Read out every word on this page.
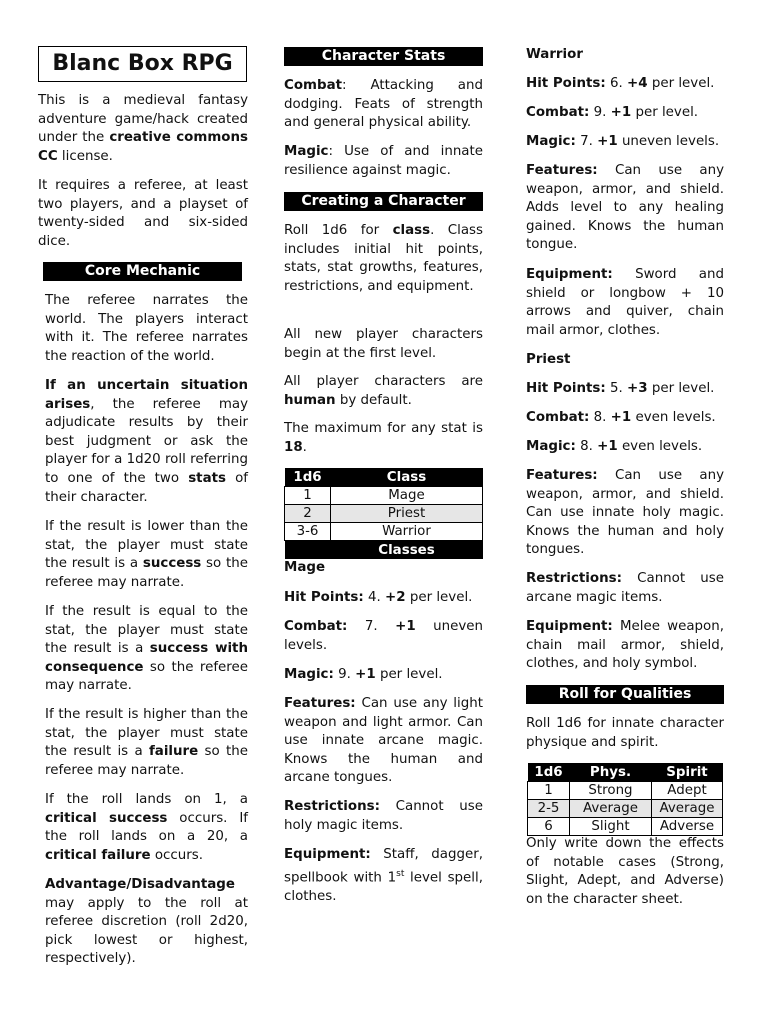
Blanc Box RPG

This is a medieval fantasy adventure game/hack created under the creative commons CC license.

It requires a referee, at least two players, and a playset of twenty-sided and six-sided dice.

Core Mechanic

The referee narrates the world. The players interact with it. The referee narrates the reaction of the world.

If an uncertain situation arises, the referee may adjudicate results by their best judgment or ask the player for a 1d20 roll referring to one of the two stats of their character.

If the result is lower than the stat, the player must state the result is a success so the referee may narrate.

If the result is equal to the stat, the player must state the result is a success with consequence so the referee may narrate.

If the result is higher than the stat, the player must state the result is a failure so the referee may narrate.

If the roll lands on 1, a critical success occurs. If the roll lands on a 20, a critical failure occurs.

Advantage/Disadvantage may apply to the roll at referee discretion (roll 2d20, pick lowest or highest, respectively).

Character Stats

Combat: Attacking and dodging. Feats of strength and general physical ability.

Magic: Use of and innate resilience against magic.

Creating a Character

Roll 1d6 for class. Class includes initial hit points, stats, stat growths, features, restrictions, and equipment.

All new player characters begin at the first level.

All player characters are human by default.

The maximum for any stat is 18.

1d6	Class
1	Mage
2	Priest
3-6	Warrior
	Classes
Mage

Hit Points: 4. +2 per level.

Combat: 7. +1 uneven levels.

Magic: 9. +1 per level.

Features: Can use any light weapon and light armor. Can use innate arcane magic. Knows the human and arcane tongues.

Restrictions: Cannot use holy magic items.

Equipment: Staff, dagger, spellbook with 1st level spell, clothes.

Warrior

Hit Points: 6. +4 per level.

Combat: 9. +1 per level.

Magic: 7. +1 uneven levels.

Features: Can use any weapon, armor, and shield. Adds level to any healing gained. Knows the human tongue.

Equipment: Sword and shield or longbow + 10 arrows and quiver, chain mail armor, clothes.

Priest

Hit Points: 5. +3 per level.

Combat: 8. +1 even levels.

Magic: 8. +1 even levels.

Features: Can use any weapon, armor, and shield. Can use innate holy magic. Knows the human and holy tongues.

Restrictions: Cannot use arcane magic items.

Equipment: Melee weapon, chain mail armor, shield, clothes, and holy symbol.

Roll for Qualities

Roll 1d6 for innate character physique and spirit.

1d6	Phys.	Spirit
1	Strong	Adept
2-5	Average	Average
6	Slight	Adverse

Only write down the effects of notable cases (Strong, Slight, Adept, and Adverse) on the character sheet.
